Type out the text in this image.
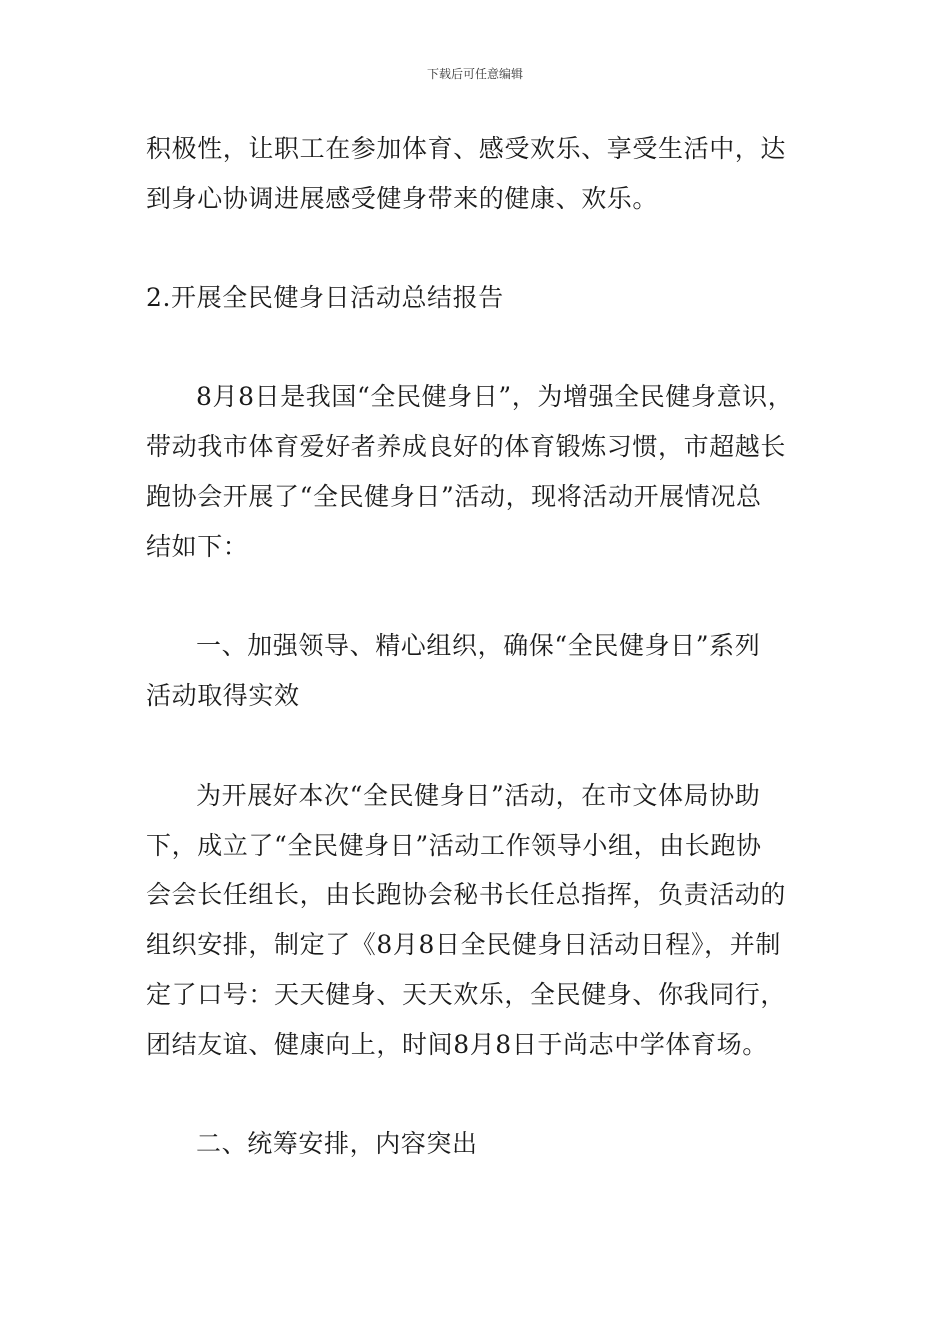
下载后可任意编辑
积极性，让职工在参加体育、感受欢乐、享受生活中，达
到身心协调进展感受健身带来的健康、欢乐。
2.开展全民健身日活动总结报告
8月8日是我国“全民健身日”，为增强全民健身意识，
带动我市体育爱好者养成良好的体育锻炼习惯，市超越长
跑协会开展了“全民健身日”活动，现将活动开展情况总
结如下：
一、加强领导、精心组织，确保“全民健身日”系列
活动取得实效
为开展好本次“全民健身日”活动，在市文体局协助
下，成立了“全民健身日”活动工作领导小组，由长跑协
会会长任组长，由长跑协会秘书长任总指挥，负责活动的
组织安排，制定了《8月8日全民健身日活动日程》，并制
定了口号：天天健身、天天欢乐，全民健身、你我同行，
团结友谊、健康向上，时间8月8日于尚志中学体育场。
二、统筹安排，内容突出
